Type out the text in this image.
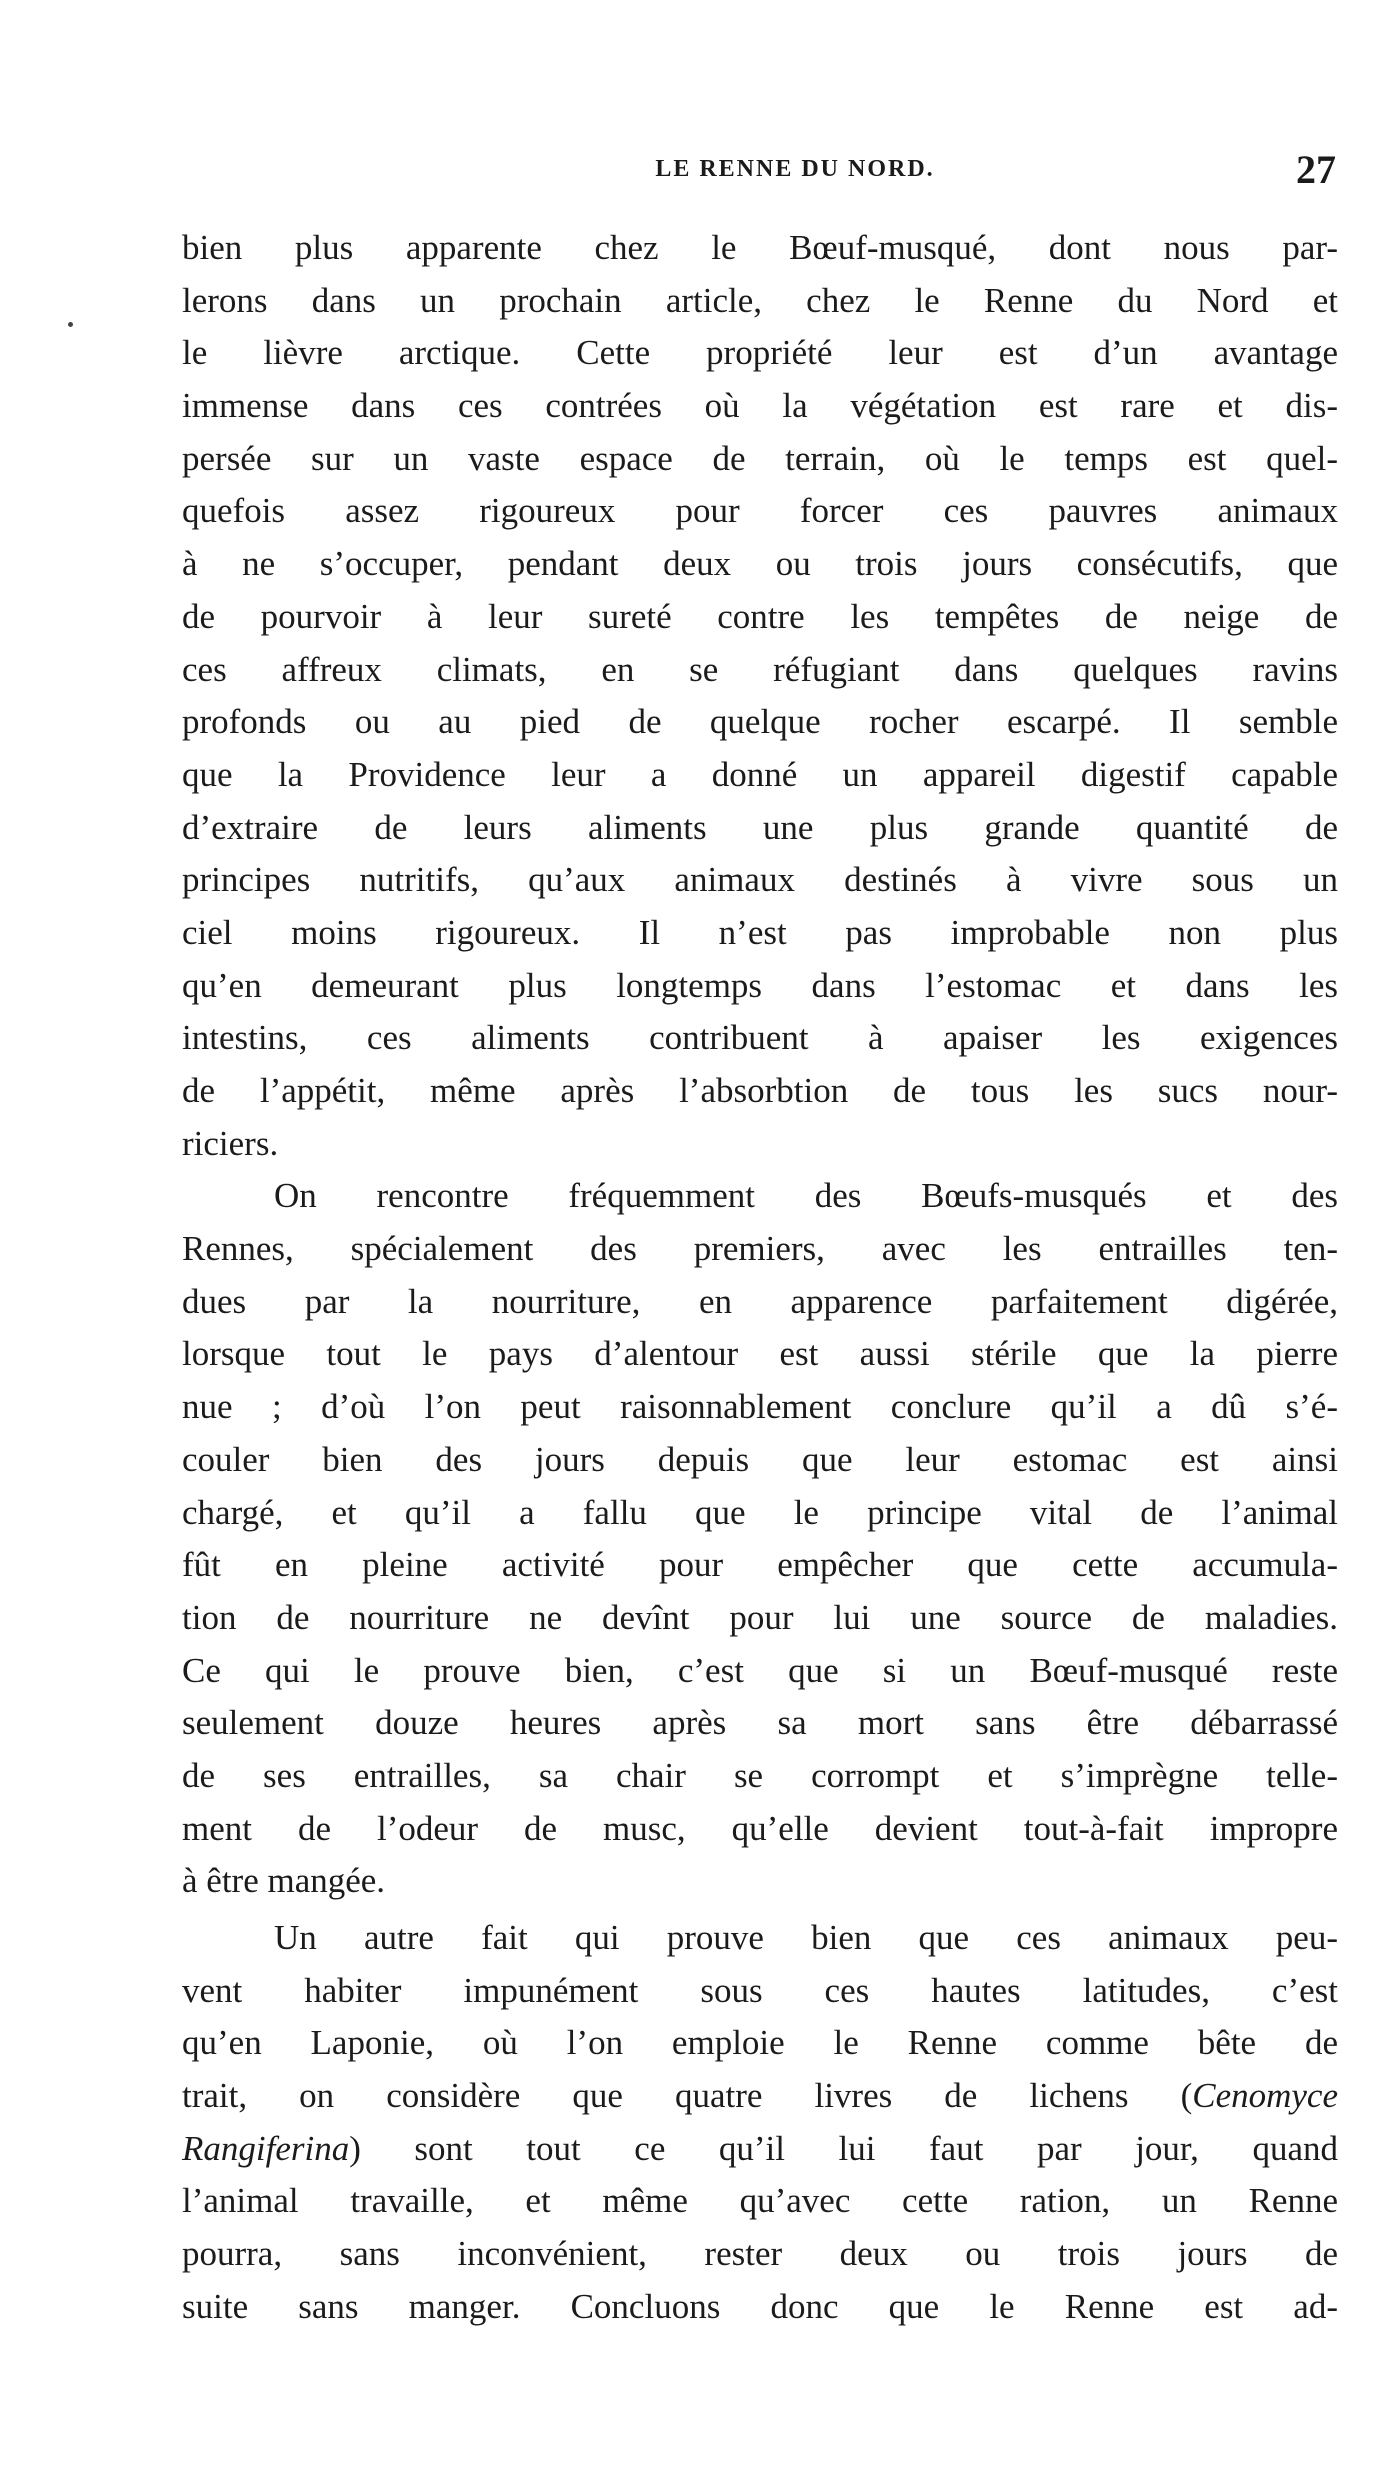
LE RENNE DU NORD.	27
bien plus apparente chez le Bœuf-musqué, dont nous par-
lerons dans un prochain article, chez le Renne du Nord et
le lièvre arctique. Cette propriété leur est d’un avantage
immense dans ces contrées où la végétation est rare et dis-
persée sur un vaste espace de terrain, où le temps est quel-
quefois assez rigoureux pour forcer ces pauvres animaux
à ne s’occuper, pendant deux ou trois jours consécutifs, que
de pourvoir à leur sureté contre les tempêtes de neige de
ces affreux climats, en se réfugiant dans quelques ravins
profonds ou au pied de quelque rocher escarpé. Il semble
que la Providence leur a donné un appareil digestif capable
d’extraire de leurs aliments une plus grande quantité de
principes nutritifs, qu’aux animaux destinés à vivre sous un
ciel moins rigoureux. Il n’est pas improbable non plus
qu’en demeurant plus longtemps dans l’estomac et dans les
intestins, ces aliments contribuent à apaiser les exigences
de l’appétit, même après l’absorbtion de tous les sucs nour-
riciers.
On rencontre fréquemment des Bœufs-musqués et des
Rennes, spécialement des premiers, avec les entrailles ten-
dues par la nourriture, en apparence parfaitement digérée,
lorsque tout le pays d’alentour est aussi stérile que la pierre
nue ; d’où l’on peut raisonnablement conclure qu’il a dû s’é-
couler bien des jours depuis que leur estomac est ainsi
chargé, et qu’il a fallu que le principe vital de l’animal
fût en pleine activité pour empêcher que cette accumula-
tion de nourriture ne devînt pour lui une source de maladies.
Ce qui le prouve bien, c’est que si un Bœuf-musqué reste
seulement douze heures après sa mort sans être débarrassé
de ses entrailles, sa chair se corrompt et s’imprègne telle-
ment de l’odeur de musc, qu’elle devient tout-à-fait impropre
à être mangée.
Un autre fait qui prouve bien que ces animaux peu-
vent habiter impunément sous ces hautes latitudes, c’est
qu’en Laponie, où l’on emploie le Renne comme bête de
trait, on considère que quatre livres de lichens (Cenomyce
Rangiferina) sont tout ce qu’il lui faut par jour, quand
l’animal travaille, et même qu’avec cette ration, un Renne
pourra, sans inconvénient, rester deux ou trois jours de
suite sans manger. Concluons donc que le Renne est ad-
